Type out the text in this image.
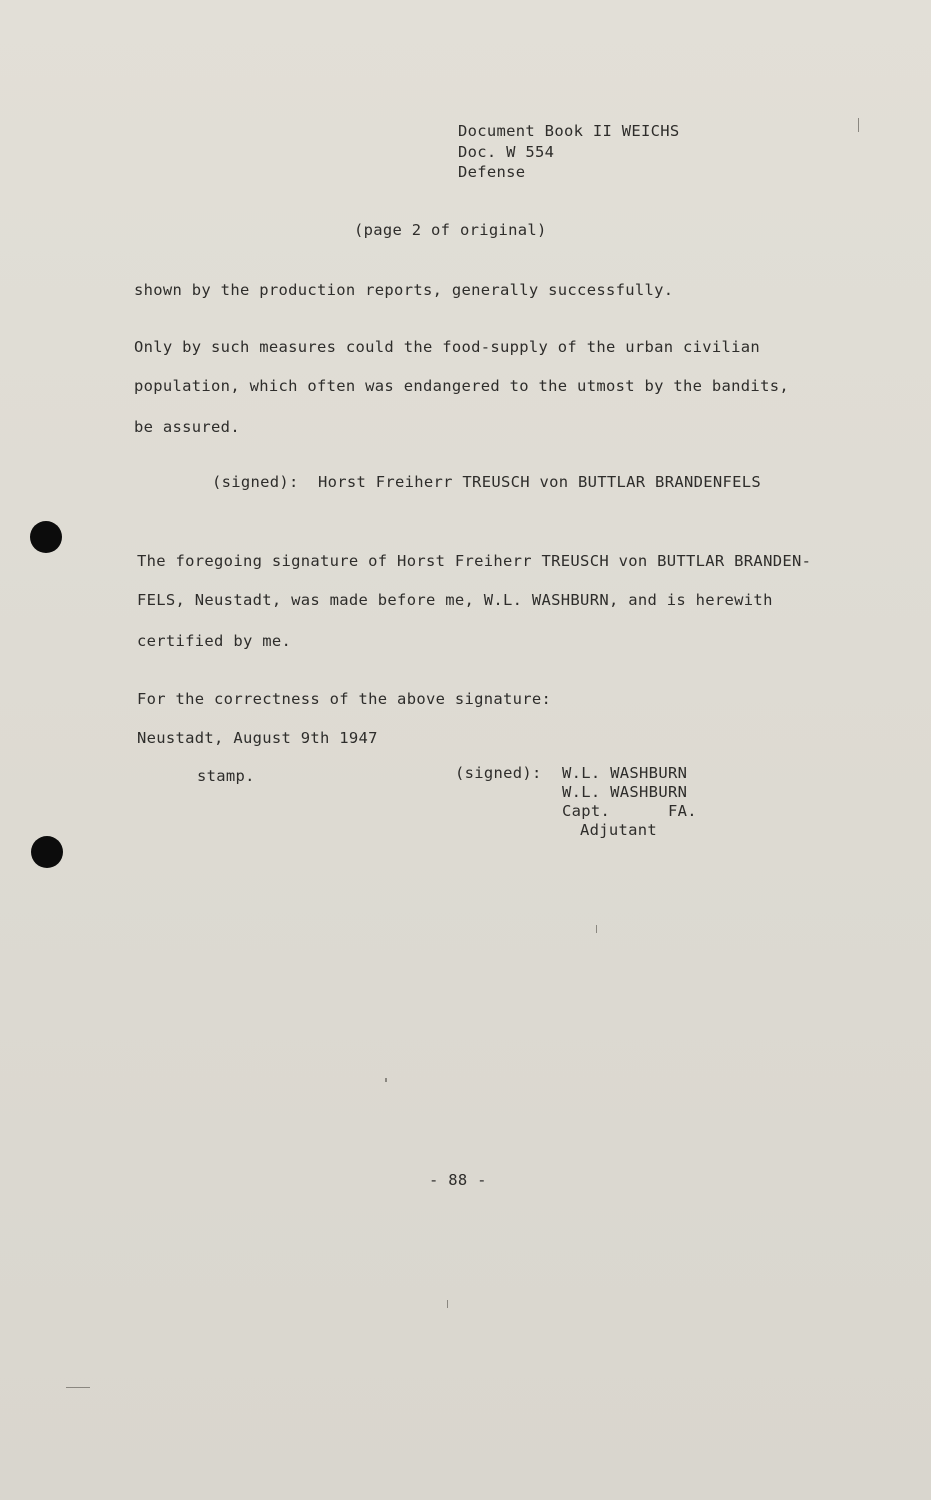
Document Book II WEICHS
Doc. W 554
Defense
(page 2 of original)
shown by the production reports, generally successfully.
Only by such measures could the food-supply of the urban civilian
population, which often was endangered to the utmost by the bandits,
be assured.
(signed):  Horst Freiherr TREUSCH von BUTTLAR BRANDENFELS
The foregoing signature of Horst Freiherr TREUSCH von BUTTLAR BRANDEN-
FELS, Neustadt, was made before me, W.L. WASHBURN, and is herewith
certified by me.
For the correctness of the above signature:
Neustadt, August 9th 1947
stamp.	(signed): W.L. WASHBURN
W.L. WASHBURN
Capt.      FA.
Adjutant
- 88 -
